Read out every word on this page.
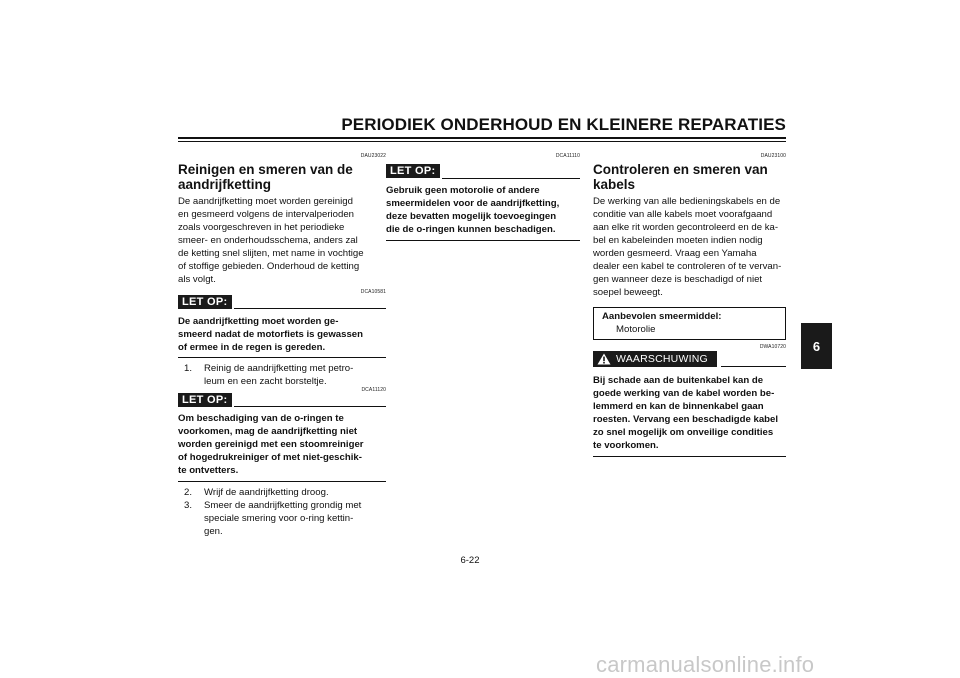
PERIODIEK ONDERHOUD EN KLEINERE REPARATIES
6
DAU23022
Reinigen en smeren van de
aandrijfketting
De aandrijfketting moet worden gereinigd
en gesmeerd volgens de intervalperioden
zoals voorgeschreven in het periodieke
smeer- en onderhoudsschema, anders zal
de ketting snel slijten, met name in vochtige
of stoffige gebieden. Onderhoud de ketting
als volgt.
LET OP:
DCA10581
De aandrijfketting moet worden ge-
smeerd nadat de motorfiets is gewassen
of ermee in de regen is gereden.
1.	Reinig de aandrijfketting met petro-
leum en een zacht borsteltje.
LET OP:
DCA11120
Om beschadiging van de o-ringen te
voorkomen, mag de aandrijfketting niet
worden gereinigd met een stoomreiniger
of hogedrukreiniger of met niet-geschik-
te ontvetters.
2.	Wrijf de aandrijfketting droog.
3.	Smeer de aandrijfketting grondig met
speciale smering voor o-ring kettin-
gen.
DCA11110
LET OP:
Gebruik geen motorolie of andere
smeermidelen voor de aandrijfketting,
deze bevatten mogelijk toevoegingen
die de o-ringen kunnen beschadigen.
DAU23100
Controleren en smeren van
kabels
De werking van alle bedieningskabels en de
conditie van alle kabels moet voorafgaand
aan elke rit worden gecontroleerd en de ka-
bel en kabeleinden moeten indien nodig
worden gesmeerd. Vraag een Yamaha
dealer een kabel te controleren of te vervan-
gen wanneer deze is beschadigd of niet
soepel beweegt.
Aanbevolen smeermiddel:
Motorolie
DWA10720
WAARSCHUWING
Bij schade aan de buitenkabel kan de
goede werking van de kabel worden be-
lemmerd en kan de binnenkabel gaan
roesten. Vervang een beschadigde kabel
zo snel mogelijk om onveilige condities
te voorkomen.
6-22
carmanualsonline.info
